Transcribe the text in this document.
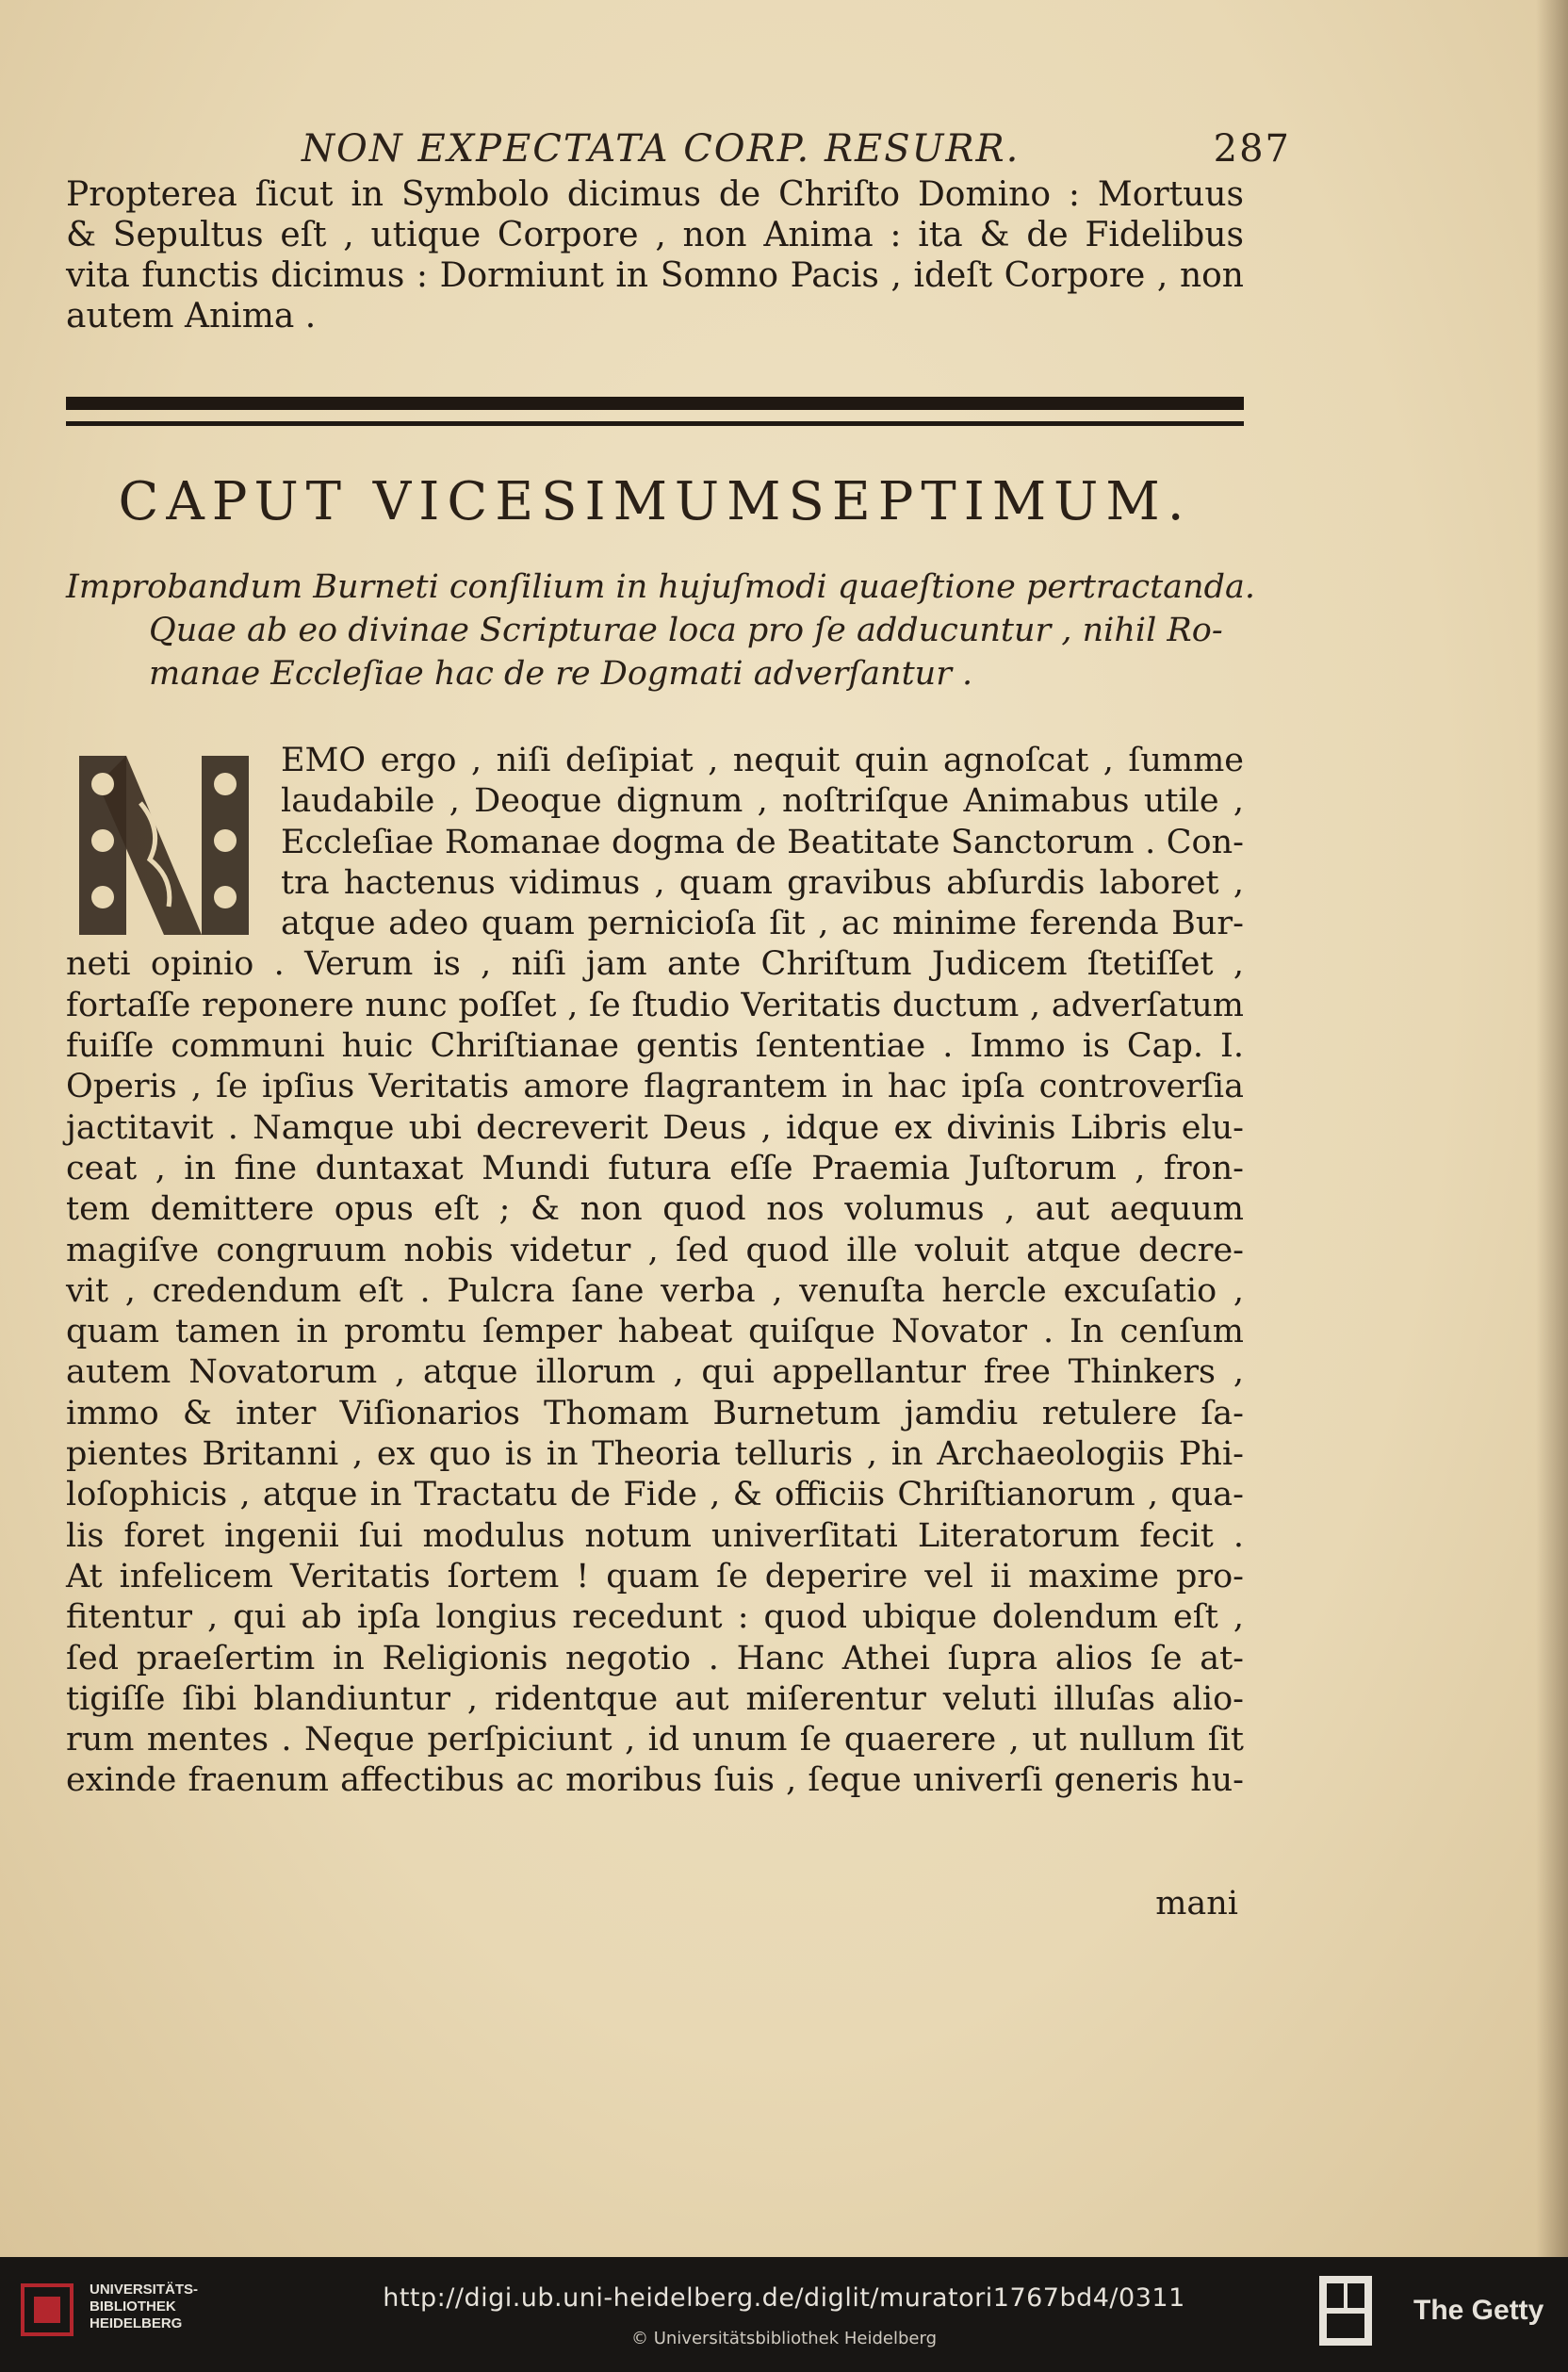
NON EXPECTATA CORP. RESURR.	287
Propterea ſicut in Symbolo dicimus de Chriſto Domino : Mortuus
& Sepultus eſt , utique Corpore , non Anima : ita & de Fidelibus
vita functis dicimus : Dormiunt in Somno Pacis , ideſt Corpore , non
autem Anima .
CAPUT VICESIMUMSEPTIMUM.
Improbandum Burneti conſilium in hujuſmodi quaeſtione pertractanda.
Quae ab eo divinae Scripturae loca pro ſe adducuntur , nihil Ro-
manae Eccleſiae hac de re Dogmati adverſantur .
EMO ergo , niſi deſipiat , nequit quin agnoſcat , ſumme
laudabile , Deoque dignum , noſtriſque Animabus utile ,
Eccleſiae Romanae dogma de Beatitate Sanctorum . Con-
tra hactenus vidimus , quam gravibus abſurdis laboret ,
atque adeo quam pernicioſa ſit , ac minime ferenda Bur-
neti opinio . Verum is , niſi jam ante Chriſtum Judicem ſtetiſſet ,
fortaſſe reponere nunc poſſet , ſe ſtudio Veritatis ductum , adverſatum
fuiſſe communi huic Chriſtianae gentis ſententiae . Immo is Cap. I.
Operis , ſe ipſius Veritatis amore flagrantem in hac ipſa controverſia
jactitavit . Namque ubi decreverit Deus , idque ex divinis Libris elu-
ceat , in fine duntaxat Mundi futura eſſe Praemia Juſtorum , fron-
tem demittere opus eſt ; & non quod nos volumus , aut aequum
magiſve congruum nobis videtur , ſed quod ille voluit atque decre-
vit , credendum eſt . Pulcra ſane verba , venuſta hercle excuſatio ,
quam tamen in promtu ſemper habeat quiſque Novator . In cenſum
autem Novatorum , atque illorum , qui appellantur free Thinkers ,
immo & inter Viſionarios Thomam Burnetum jamdiu retulere ſa-
pientes Britanni , ex quo is in Theoria telluris , in Archaeologiis Phi-
loſophicis , atque in Tractatu de Fide , & officiis Chriſtianorum , qua-
lis foret ingenii ſui modulus notum univerſitati Literatorum fecit .
At infelicem Veritatis ſortem ! quam ſe deperire vel ii maxime pro-
fitentur , qui ab ipſa longius recedunt : quod ubique dolendum eſt ,
ſed praeſertim in Religionis negotio . Hanc Athei ſupra alios ſe at-
tigiſſe ſibi blandiuntur , ridentque aut miſerentur veluti illuſas alio-
rum mentes . Neque perſpiciunt , id unum ſe quaerere , ut nullum ſit
exinde fraenum affectibus ac moribus ſuis , ſeque univerſi generis hu-
mani
UNIVERSITÄTS-
BIBLIOTHEK
HEIDELBERG
http://digi.ub.uni-heidelberg.de/diglit/muratori1767bd4/0311
© Universitätsbibliothek Heidelberg
The Getty
